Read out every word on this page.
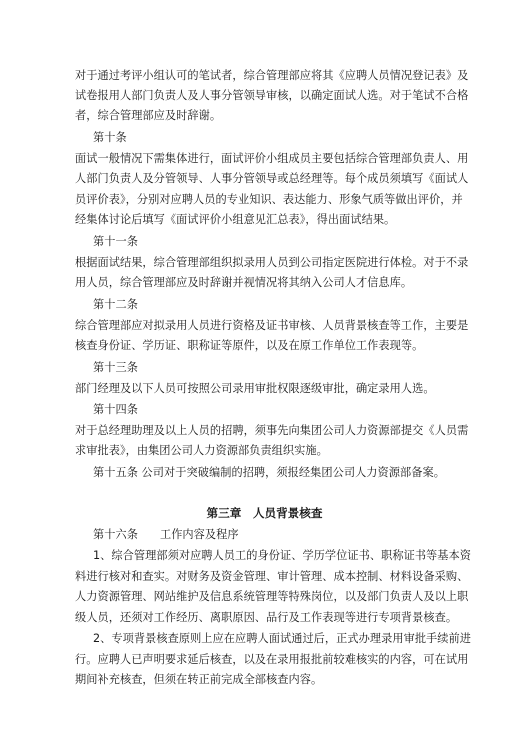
对于通过考评小组认可的笔试者，综合管理部应将其《应聘人员情况登记表》及
试卷报用人部门负责人及人事分管领导审核，以确定面试人选。对于笔试不合格
者，综合管理部应及时辞谢。
第十条
面试一般情况下需集体进行，面试评价小组成员主要包括综合管理部负责人、用
人部门负责人及分管领导、人事分管领导或总经理等。每个成员须填写《面试人
员评价表》，分别对应聘人员的专业知识、表达能力、形象气质等做出评价，并
经集体讨论后填写《面试评价小组意见汇总表》，得出面试结果。
第十一条
根据面试结果，综合管理部组织拟录用人员到公司指定医院进行体检。对于不录
用人员，综合管理部应及时辞谢并视情况将其纳入公司人才信息库。
第十二条
综合管理部应对拟录用人员进行资格及证书审核、人员背景核查等工作，主要是
核查身份证、学历证、职称证等原件，以及在原工作单位工作表现等。
第十三条
部门经理及以下人员可按照公司录用审批权限逐级审批，确定录用人选。
第十四条
对于总经理助理及以上人员的招聘，须事先向集团公司人力资源部提交《人员需
求审批表》，由集团公司人力资源部负责组织实施。
第十五条 公司对于突破编制的招聘，须报经集团公司人力资源部备案。
第三章　人员背景核查
第十六条 工作内容及程序
1、综合管理部须对应聘人员工的身份证、学历学位证书、职称证书等基本资
料进行核对和查实。对财务及资金管理、审计管理、成本控制、材料设备采购、
人力资源管理、网站维护及信息系统管理等特殊岗位，以及部门负责人及以上职
级人员，还须对工作经历、离职原因、品行及工作表现等进行专项背景核查。
2、专项背景核查原则上应在应聘人面试通过后，正式办理录用审批手续前进
行。应聘人已声明要求延后核查，以及在录用报批前较难核实的内容，可在试用
期间补充核查，但须在转正前完成全部核查内容。
